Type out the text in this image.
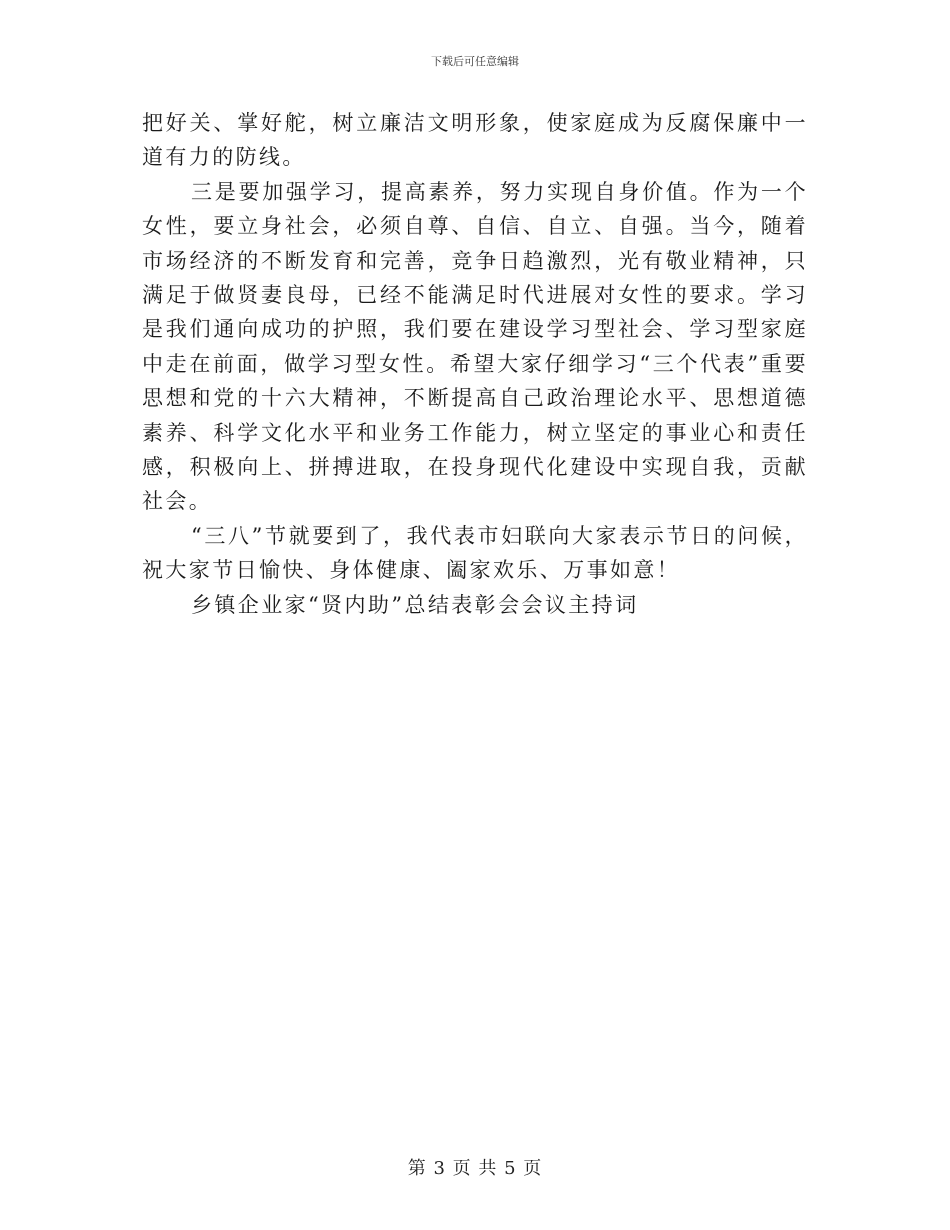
下载后可任意编辑

把好关、掌好舵，树立廉洁文明形象，使家庭成为反腐保廉中一道有力的防线。

三是要加强学习，提高素养，努力实现自身价值。作为一个女性，要立身社会，必须自尊、自信、自立、自强。当今，随着市场经济的不断发育和完善，竞争日趋激烈，光有敬业精神，只满足于做贤妻良母，已经不能满足时代进展对女性的要求。学习是我们通向成功的护照，我们要在建设学习型社会、学习型家庭中走在前面，做学习型女性。希望大家仔细学习“三个代表”重要思想和党的十六大精神，不断提高自己政治理论水平、思想道德素养、科学文化水平和业务工作能力，树立坚定的事业心和责任感，积极向上、拼搏进取，在投身现代化建设中实现自我，贡献社会。

“三八”节就要到了，我代表市妇联向大家表示节日的问候，祝大家节日愉快、身体健康、阖家欢乐、万事如意！

乡镇企业家“贤内助”总结表彰会会议主持词

第 3 页 共 5 页
